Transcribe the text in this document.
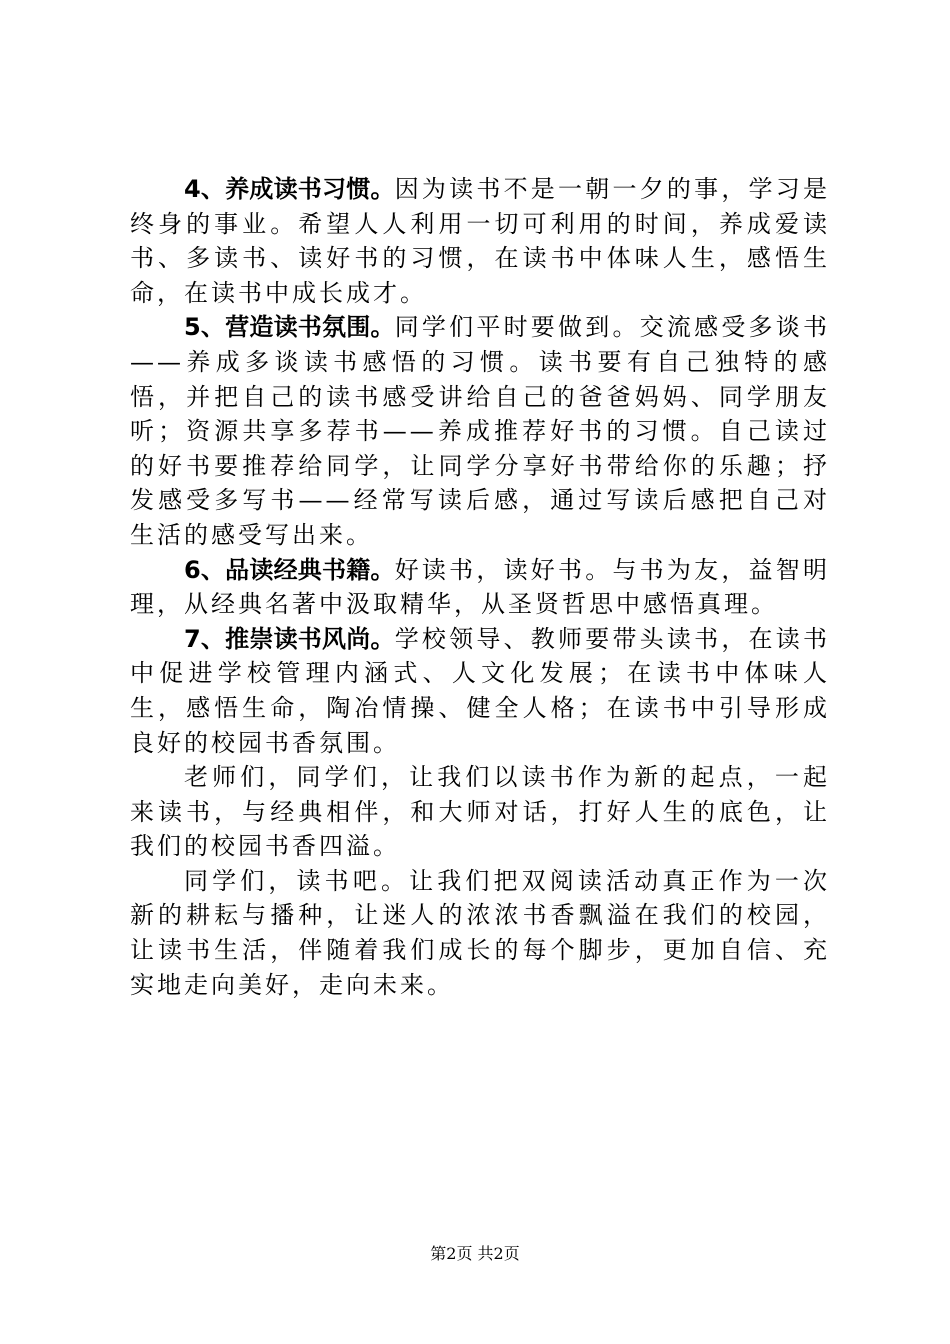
4、养成读书习惯。因为读书不是一朝一夕的事，学习是终身的事业。希望人人利用一切可利用的时间，养成爱读书、多读书、读好书的习惯，在读书中体味人生，感悟生命，在读书中成长成才。

5、营造读书氛围。同学们平时要做到。交流感受多谈书——养成多谈读书感悟的习惯。读书要有自己独特的感悟，并把自己的读书感受讲给自己的爸爸妈妈、同学朋友听；资源共享多荐书——养成推荐好书的习惯。自己读过的好书要推荐给同学，让同学分享好书带给你的乐趣；抒发感受多写书——经常写读后感，通过写读后感把自己对生活的感受写出来。

6、品读经典书籍。好读书，读好书。与书为友，益智明理，从经典名著中汲取精华，从圣贤哲思中感悟真理。

7、推崇读书风尚。学校领导、教师要带头读书，在读书中促进学校管理内涵式、人文化发展；在读书中体味人生，感悟生命，陶冶情操、健全人格；在读书中引导形成良好的校园书香氛围。

老师们，同学们，让我们以读书作为新的起点，一起来读书，与经典相伴，和大师对话，打好人生的底色，让我们的校园书香四溢。

同学们，读书吧。让我们把双阅读活动真正作为一次新的耕耘与播种，让迷人的浓浓书香飘溢在我们的校园，让读书生活，伴随着我们成长的每个脚步，更加自信、充实地走向美好，走向未来。

第2页 共2页
